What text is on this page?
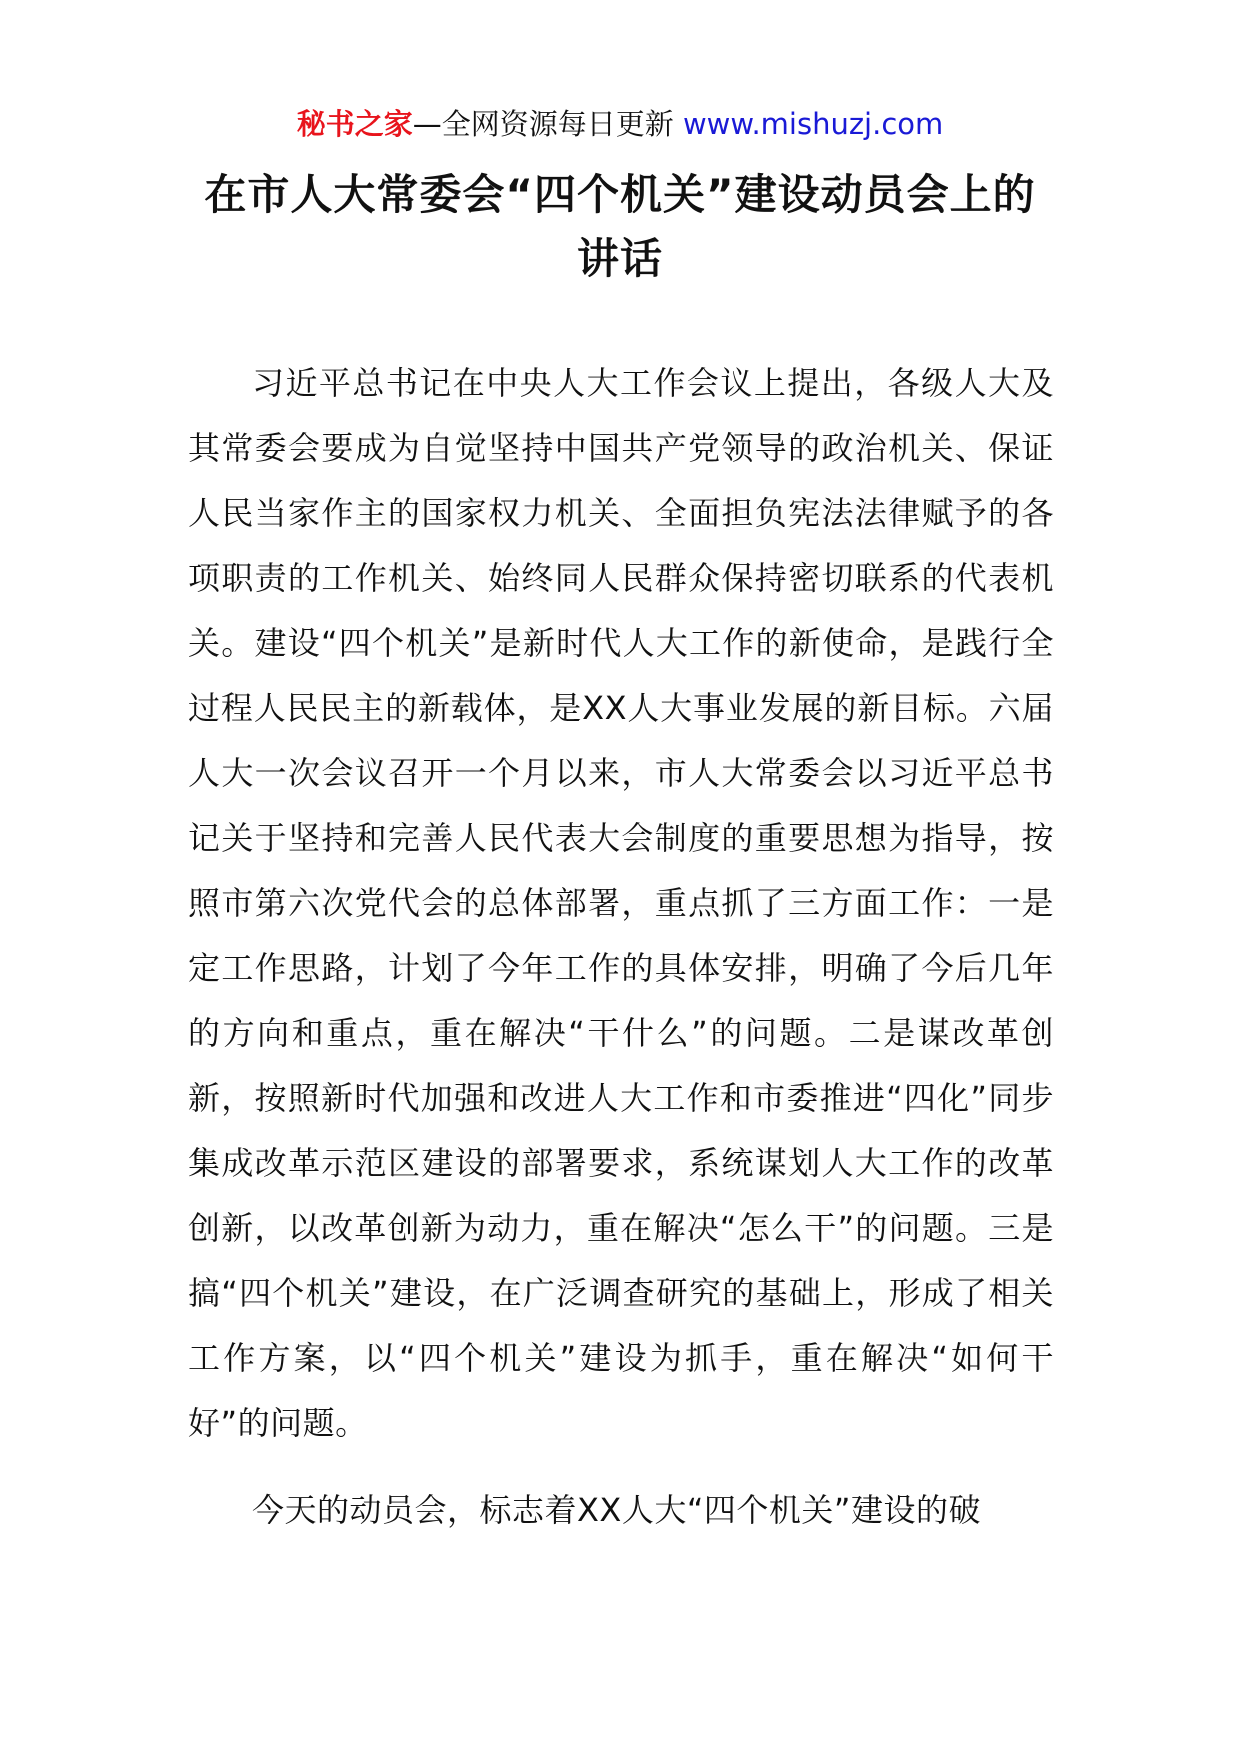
秘书之家—全网资源每日更新 www.mishuzj.com
在市人大常委会“四个机关”建设动员会上的讲话

习近平总书记在中央人大工作会议上提出，各级人大及其常委会要成为自觉坚持中国共产党领导的政治机关、保证人民当家作主的国家权力机关、全面担负宪法法律赋予的各项职责的工作机关、始终同人民群众保持密切联系的代表机关。建设“四个机关”是新时代人大工作的新使命，是践行全过程人民民主的新载体，是XX人大事业发展的新目标。六届人大一次会议召开一个月以来，市人大常委会以习近平总书记关于坚持和完善人民代表大会制度的重要思想为指导，按照市第六次党代会的总体部署，重点抓了三方面工作：一是定工作思路，计划了今年工作的具体安排，明确了今后几年的方向和重点，重在解决“干什么”的问题。二是谋改革创新，按照新时代加强和改进人大工作和市委推进“四化”同步集成改革示范区建设的部署要求，系统谋划人大工作的改革创新，以改革创新为动力，重在解决“怎么干”的问题。三是搞“四个机关”建设，在广泛调查研究的基础上，形成了相关工作方案，以“四个机关”建设为抓手，重在解决“如何干好”的问题。

今天的动员会，标志着XX人大“四个机关”建设的破
